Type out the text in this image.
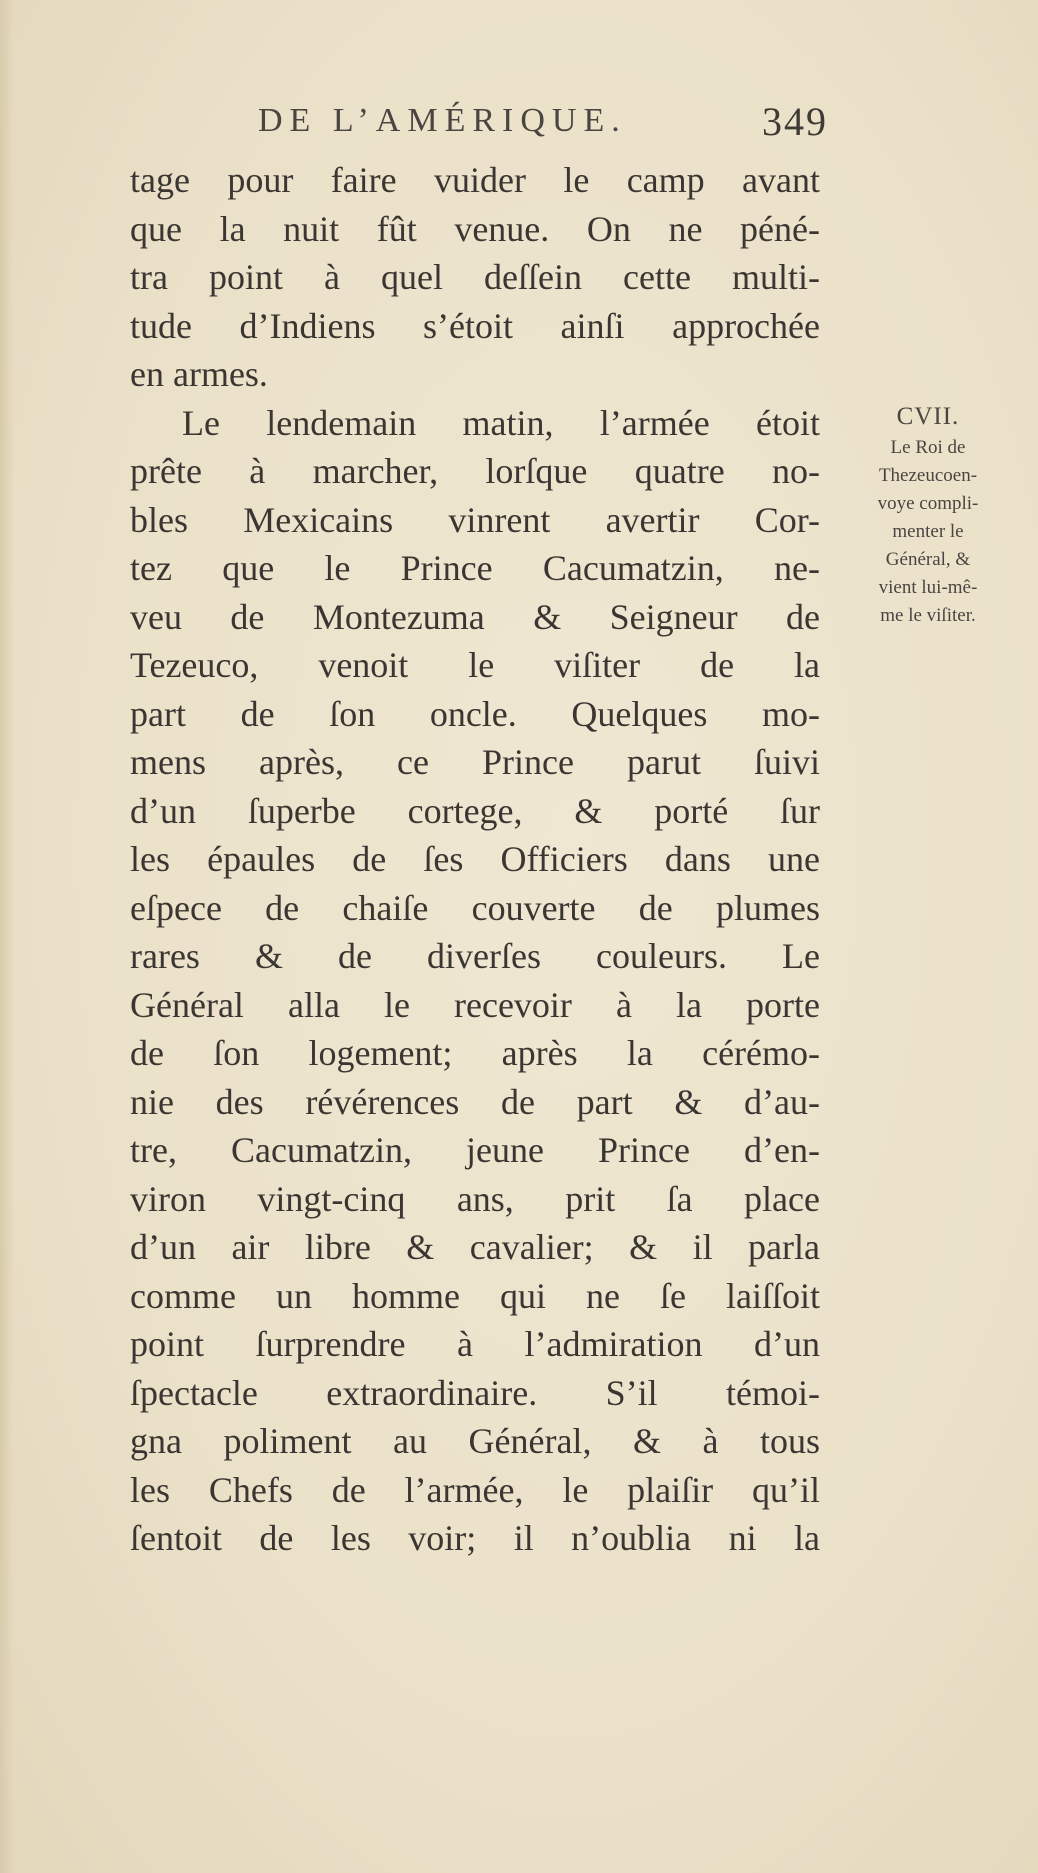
DE L’AMÉRIQUE.	349
tage pour faire vuider le camp avant
que la nuit fût venue. On ne péné-
tra point à quel deſſein cette multi-
tude d’Indiens s’étoit ainſi approchée
en armes.
Le lendemain matin, l’armée étoit
prête à marcher, lorſque quatre no-
bles Mexicains vinrent avertir Cor-
tez que le Prince Cacumatzin, ne-
veu de Montezuma & Seigneur de
Tezeuco, venoit le viſiter de la
part de ſon oncle. Quelques mo-
mens après, ce Prince parut ſuivi
d’un ſuperbe cortege, & porté ſur
les épaules de ſes Officiers dans une
eſpece de chaiſe couverte de plumes
rares & de diverſes couleurs. Le
Général alla le recevoir à la porte
de ſon logement; après la cérémo-
nie des révérences de part & d’au-
tre, Cacumatzin, jeune Prince d’en-
viron vingt-cinq ans, prit ſa place
d’un air libre & cavalier; & il parla
comme un homme qui ne ſe laiſſoit
point ſurprendre à l’admiration d’un
ſpectacle extraordinaire. S’il témoi-
gna poliment au Général, & à tous
les Chefs de l’armée, le plaiſir qu’il
ſentoit de les voir; il n’oublia ni la
CVII.
Le Roi de
Thezeucoen-
voye compli-
menter le
Général, &
vient lui-mê-
me le viſiter.
